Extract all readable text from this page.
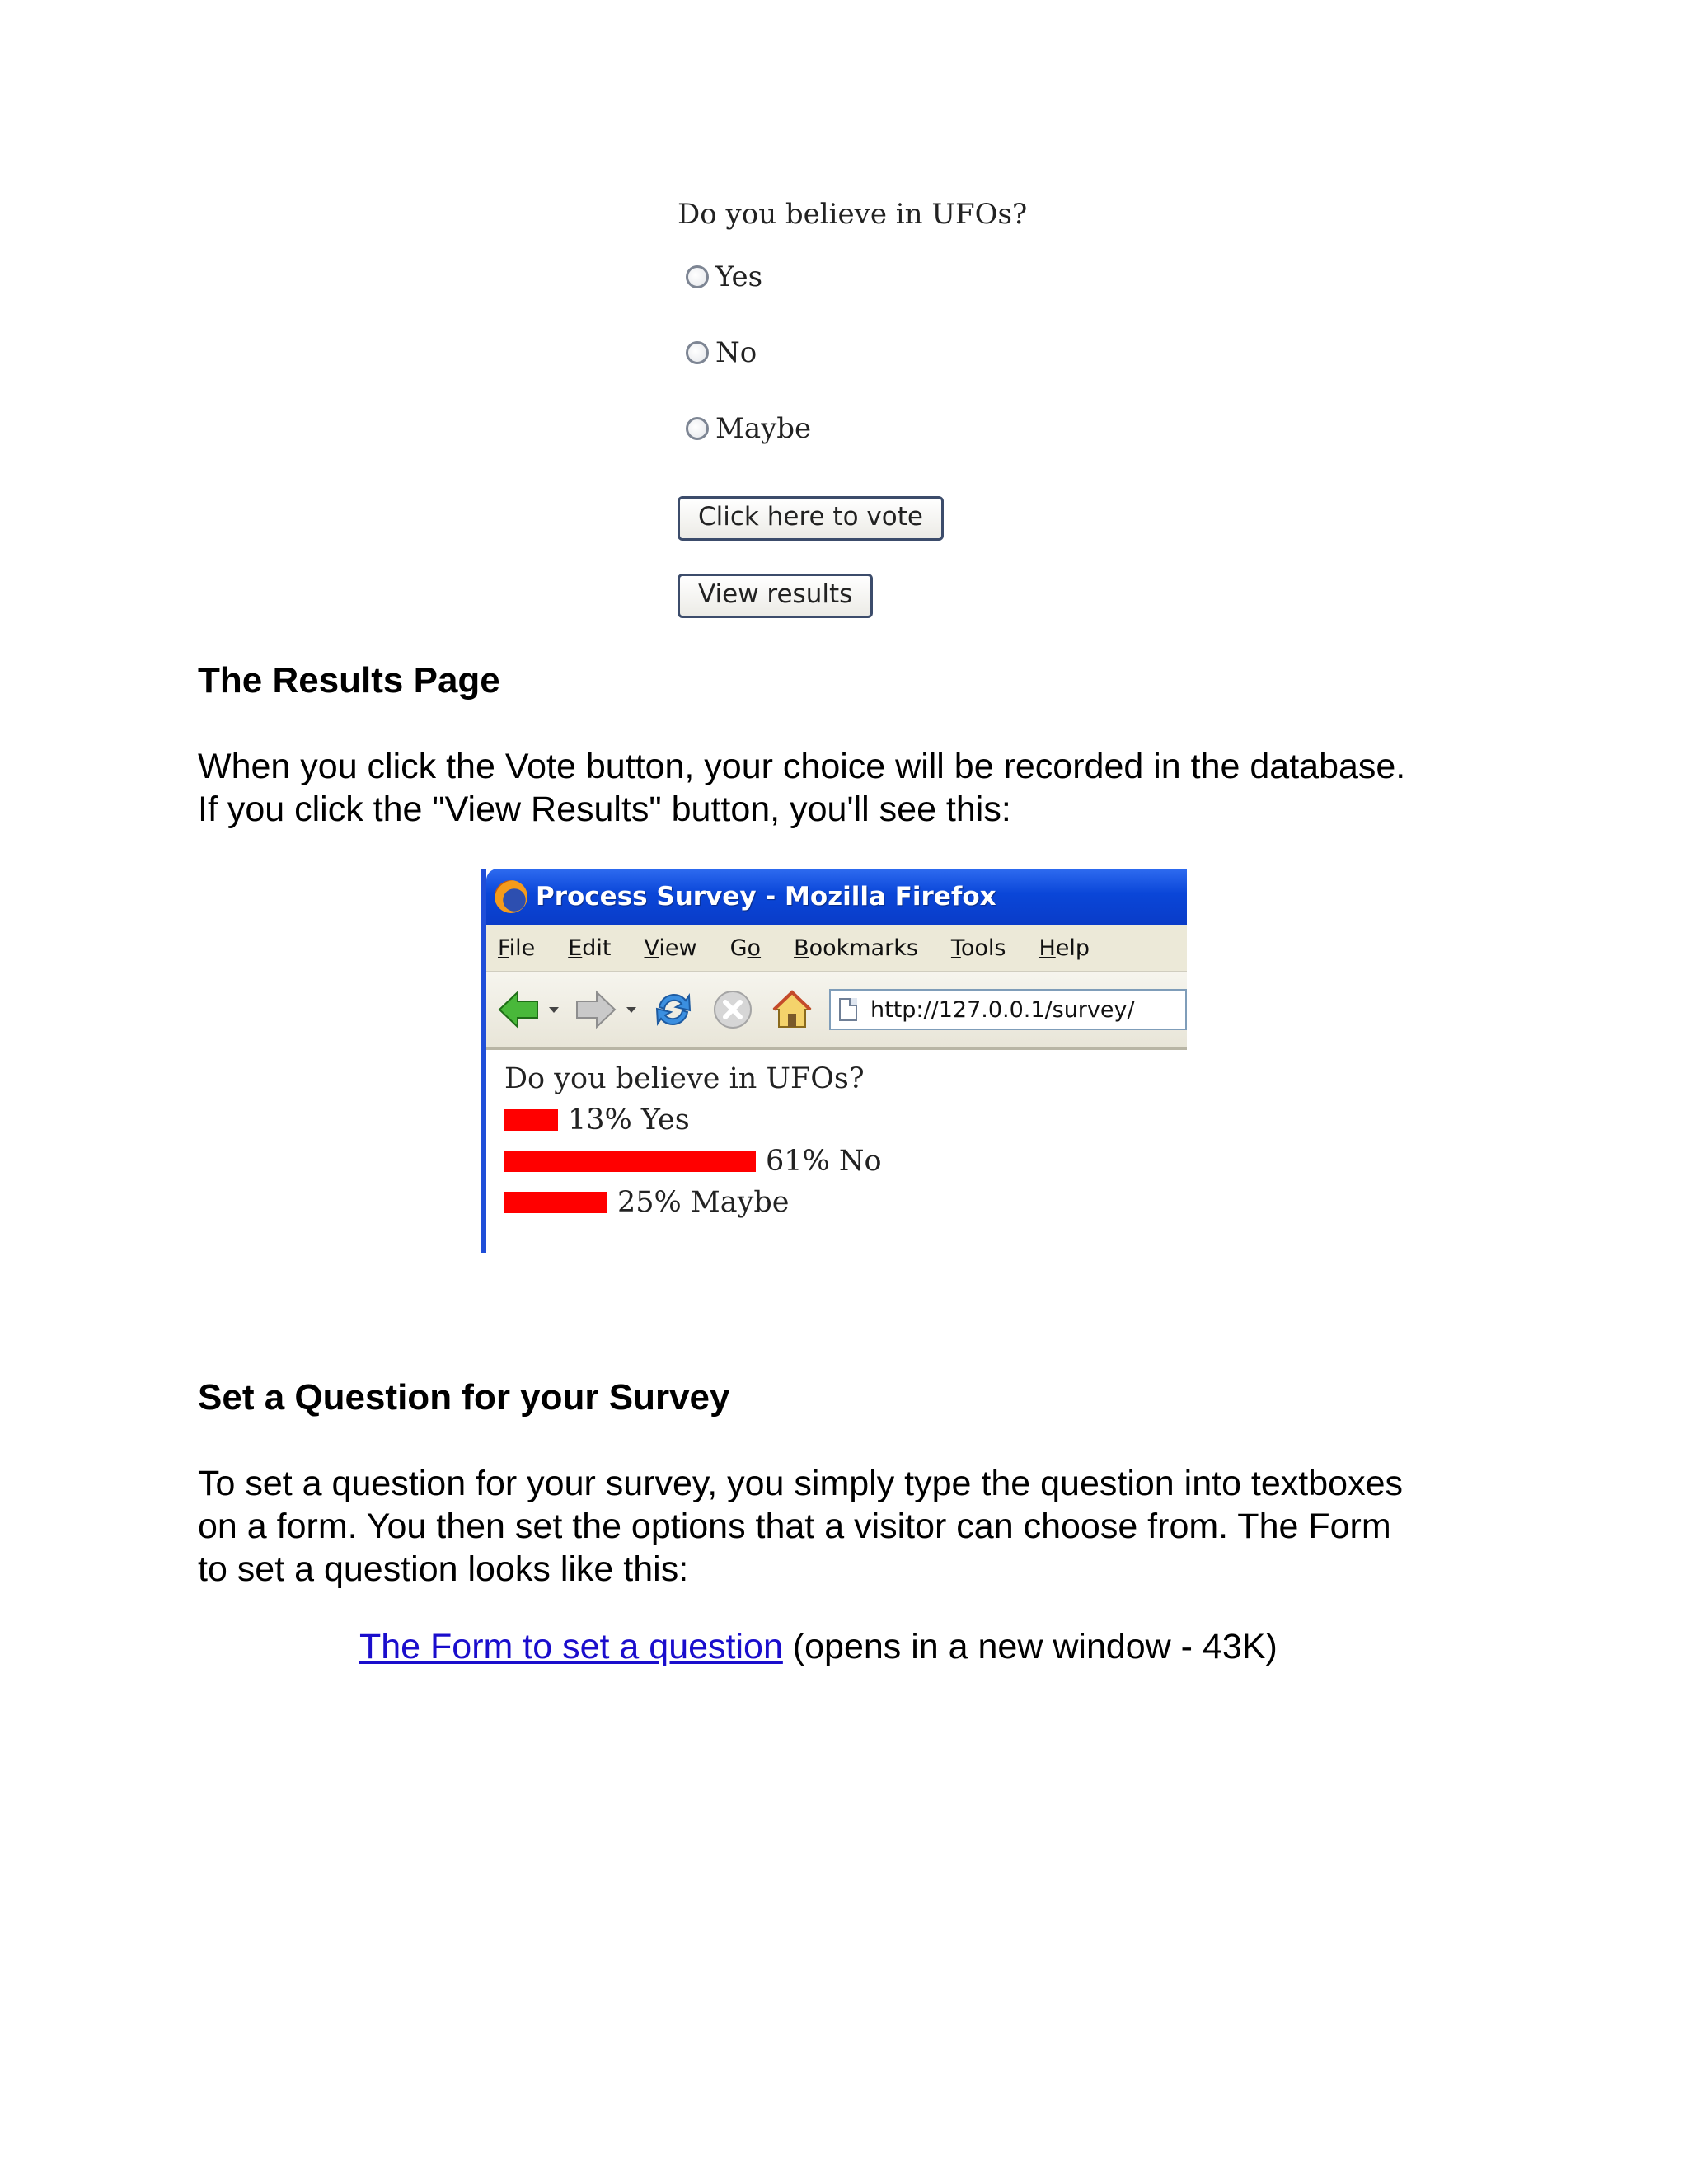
Do you believe in UFOs?
Yes
No
Maybe
Click here to vote
View results
The Results Page
When you click the Vote button, your choice will be recorded in the database.
If you click the "View Results" button, you'll see this:
Process Survey - Mozilla Firefox
File Edit View Go Bookmarks Tools Help
http://127.0.0.1/survey/
Do you believe in UFOs?
13% Yes
61% No
25% Maybe
Set a Question for your Survey
To set a question for your survey, you simply type the question into textboxes
on a form. You then set the options that a visitor can choose from. The Form
to set a question looks like this:
The Form to set a question (opens in a new window - 43K)
